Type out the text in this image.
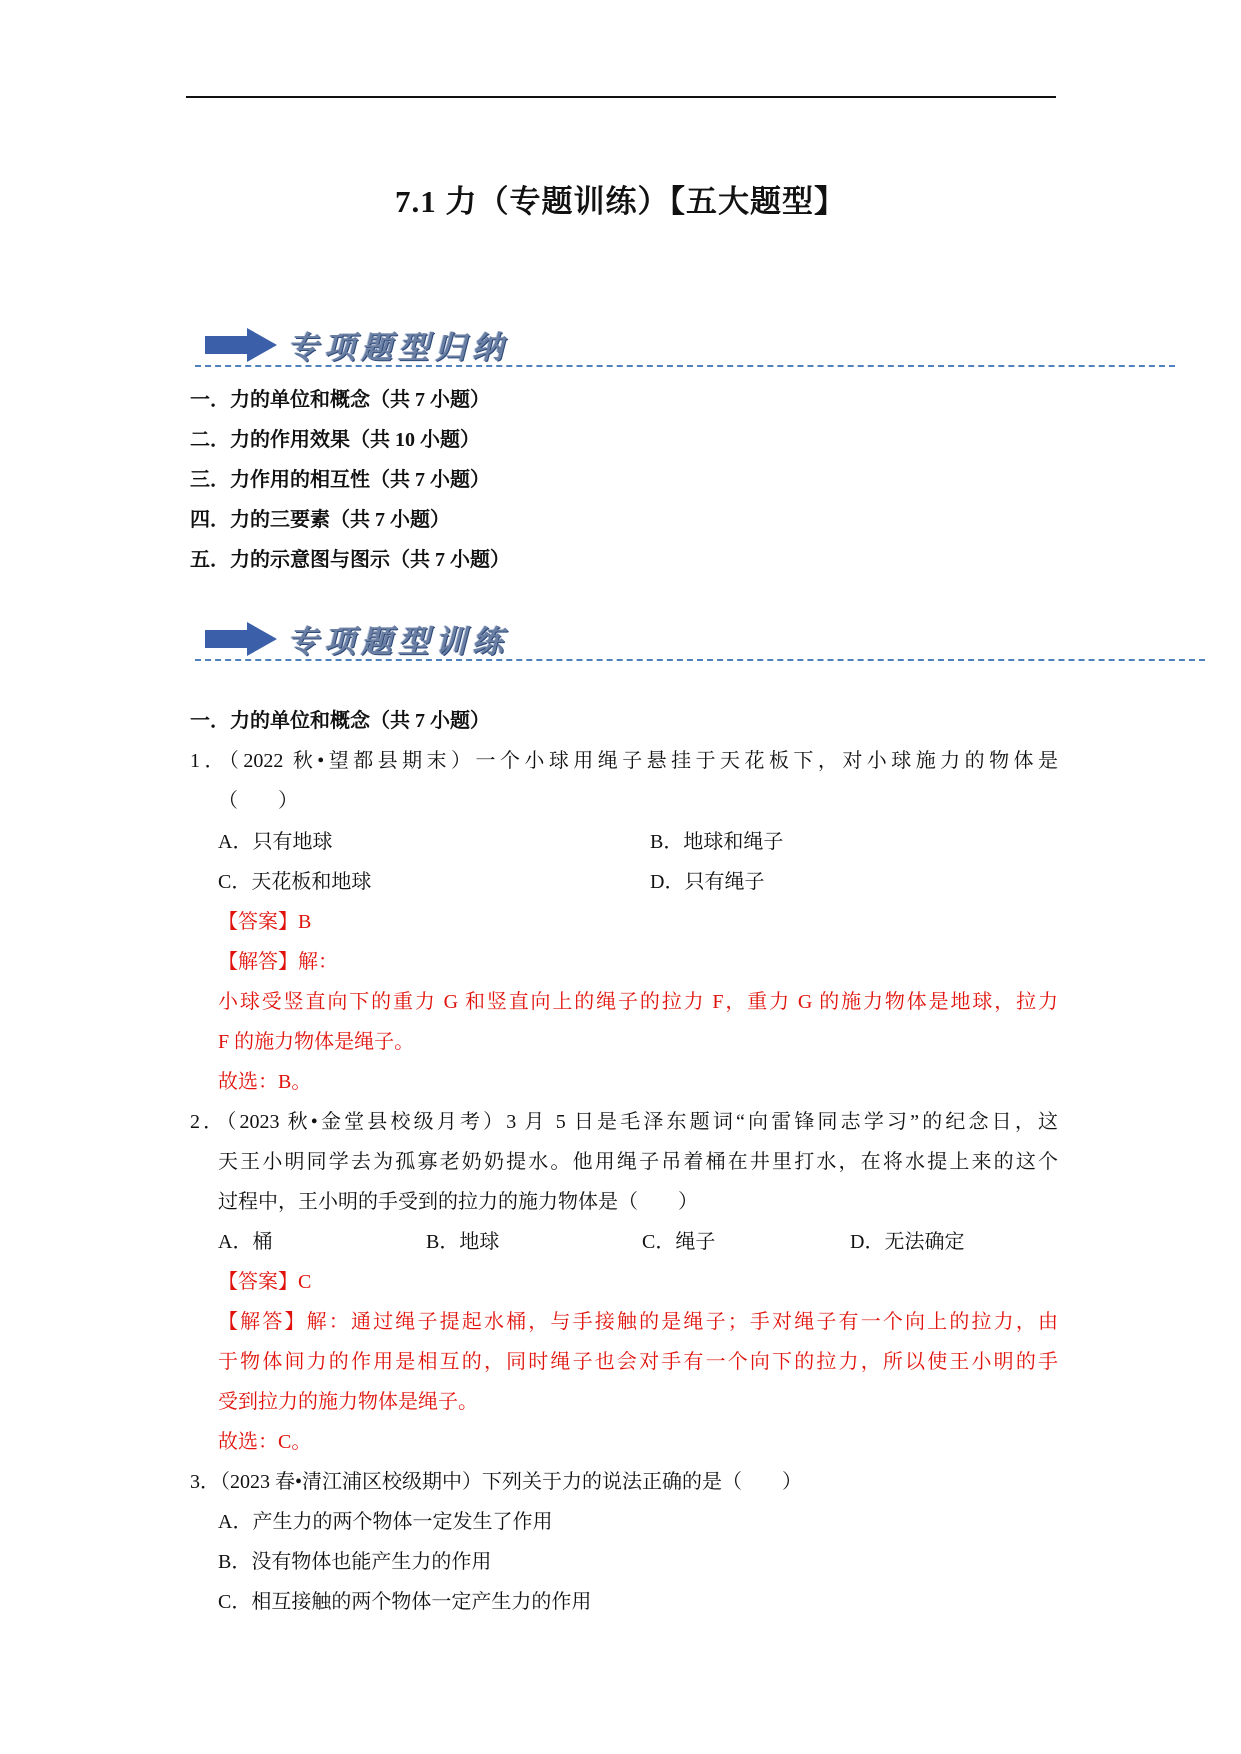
7.1 力（专题训练）【五大题型】
专项题型归纳
一．力的单位和概念（共 7 小题）
二．力的作用效果（共 10 小题）
三．力作用的相互性（共 7 小题）
四．力的三要素（共 7 小题）
五．力的示意图与图示（共 7 小题）
专项题型训练
一．力的单位和概念（共 7 小题）
1．（2022 秋•望都县期末）一个小球用绳子悬挂于天花板下，对小球施力的物体是
（　　）
A．只有地球	B．地球和绳子
C．天花板和地球	D．只有绳子
【答案】B
【解答】解：
小球受竖直向下的重力 G 和竖直向上的绳子的拉力 F，重力 G 的施力物体是地球，拉力
F 的施力物体是绳子。
故选：B。
2．（2023 秋•金堂县校级月考）3 月 5 日是毛泽东题词“向雷锋同志学习”的纪念日，这
天王小明同学去为孤寡老奶奶提水。他用绳子吊着桶在井里打水，在将水提上来的这个
过程中，王小明的手受到的拉力的施力物体是（　　）
A．桶	B．地球	C．绳子	D．无法确定
【答案】C
【解答】解：通过绳子提起水桶，与手接触的是绳子；手对绳子有一个向上的拉力，由
于物体间力的作用是相互的，同时绳子也会对手有一个向下的拉力，所以使王小明的手
受到拉力的施力物体是绳子。
故选：C。
3．（2023 春•清江浦区校级期中）下列关于力的说法正确的是（　　）
A．产生力的两个物体一定发生了作用
B．没有物体也能产生力的作用
C．相互接触的两个物体一定产生力的作用
